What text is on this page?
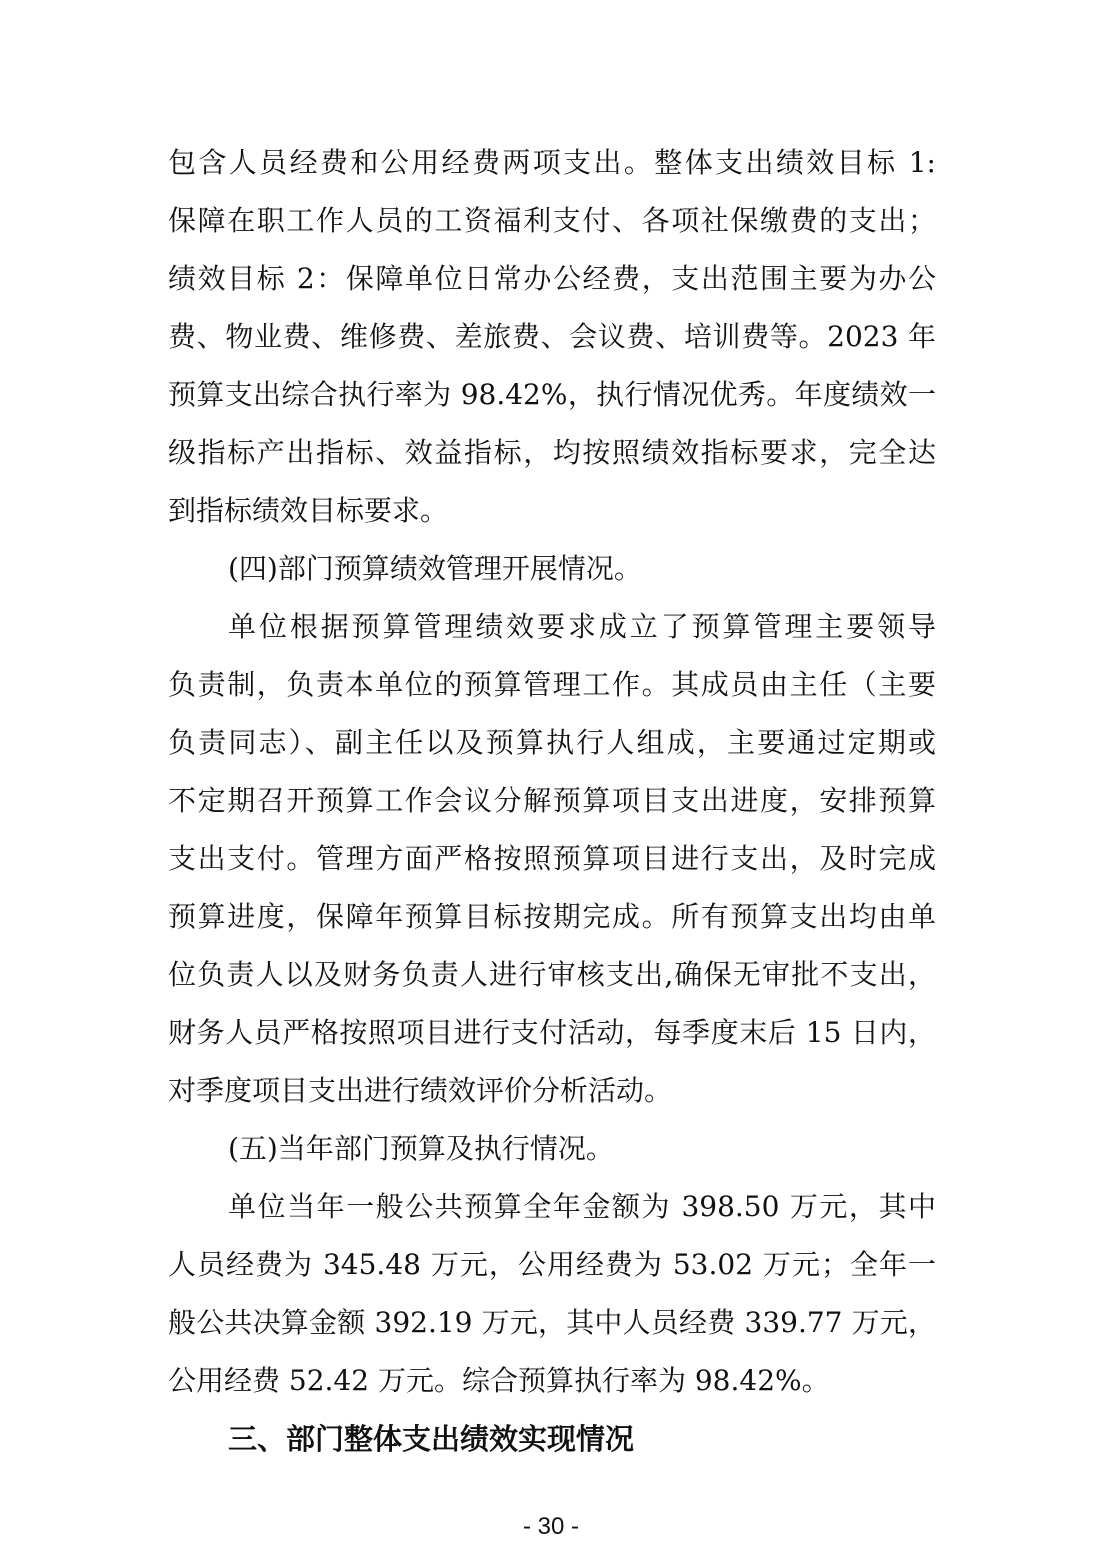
包含人员经费和公用经费两项支出。整体支出绩效目标 1:
保障在职工作人员的工资福利支付、各项社保缴费的支出；
绩效目标 2：保障单位日常办公经费，支出范围主要为办公
费、物业费、维修费、差旅费、会议费、培训费等。2023 年
预算支出综合执行率为 98.42%，执行情况优秀。年度绩效一
级指标产出指标、效益指标，均按照绩效指标要求，完全达
到指标绩效目标要求。
(四)部门预算绩效管理开展情况。
单位根据预算管理绩效要求成立了预算管理主要领导
负责制，负责本单位的预算管理工作。其成员由主任（主要
负责同志）、副主任以及预算执行人组成，主要通过定期或
不定期召开预算工作会议分解预算项目支出进度，安排预算
支出支付。管理方面严格按照预算项目进行支出，及时完成
预算进度，保障年预算目标按期完成。所有预算支出均由单
位负责人以及财务负责人进行审核支出,确保无审批不支出，
财务人员严格按照项目进行支付活动，每季度末后 15 日内，
对季度项目支出进行绩效评价分析活动。
(五)当年部门预算及执行情况。
单位当年一般公共预算全年金额为 398.50 万元，其中
人员经费为 345.48 万元，公用经费为 53.02 万元；全年一
般公共决算金额 392.19 万元，其中人员经费 339.77 万元，
公用经费 52.42 万元。综合预算执行率为 98.42%。
三、部门整体支出绩效实现情况
- 30 -
